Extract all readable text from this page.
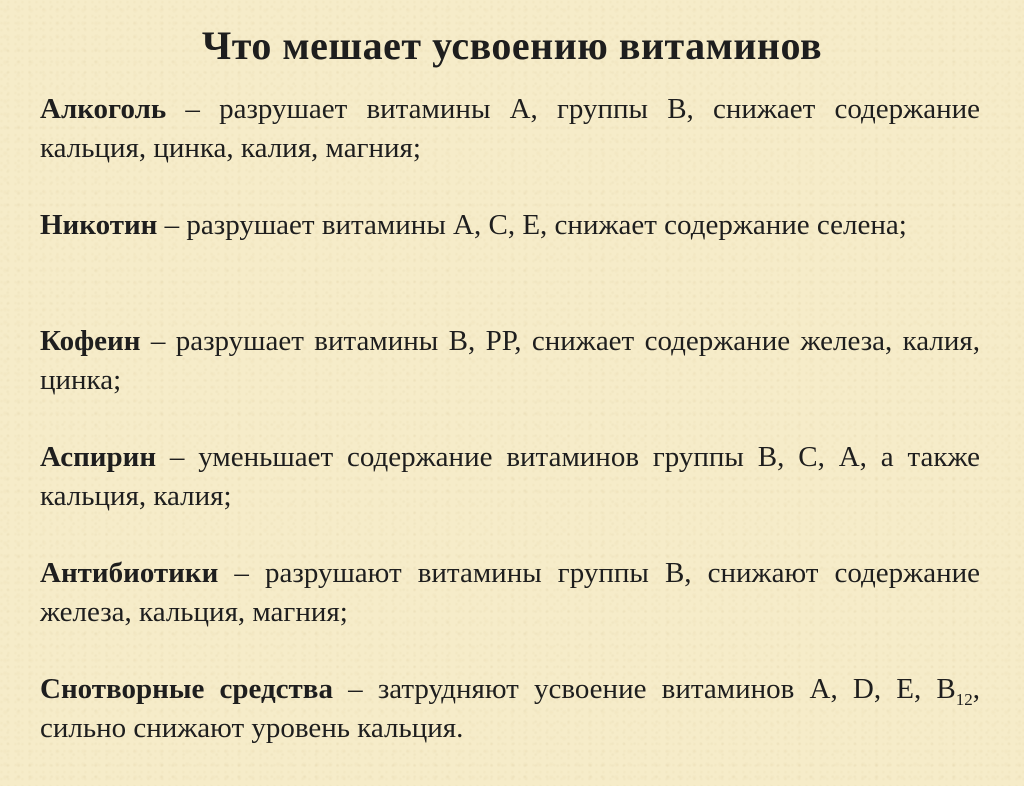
Что мешает усвоению витаминов

Алкоголь – разрушает витамины А, группы В, снижает содержание кальция, цинка, калия, магния;

Никотин – разрушает витамины А, С, Е, снижает содержание селена;

Кофеин – разрушает витамины В, РР, снижает содержание железа, калия, цинка;

Аспирин – уменьшает содержание витаминов группы В, С, А, а также кальция, калия;

Антибиотики – разрушают витамины группы В, снижают содержание железа, кальция, магния;

Снотворные средства – затрудняют усвоение витаминов A, D, E, $B_{12}$, сильно снижают уровень кальция.
